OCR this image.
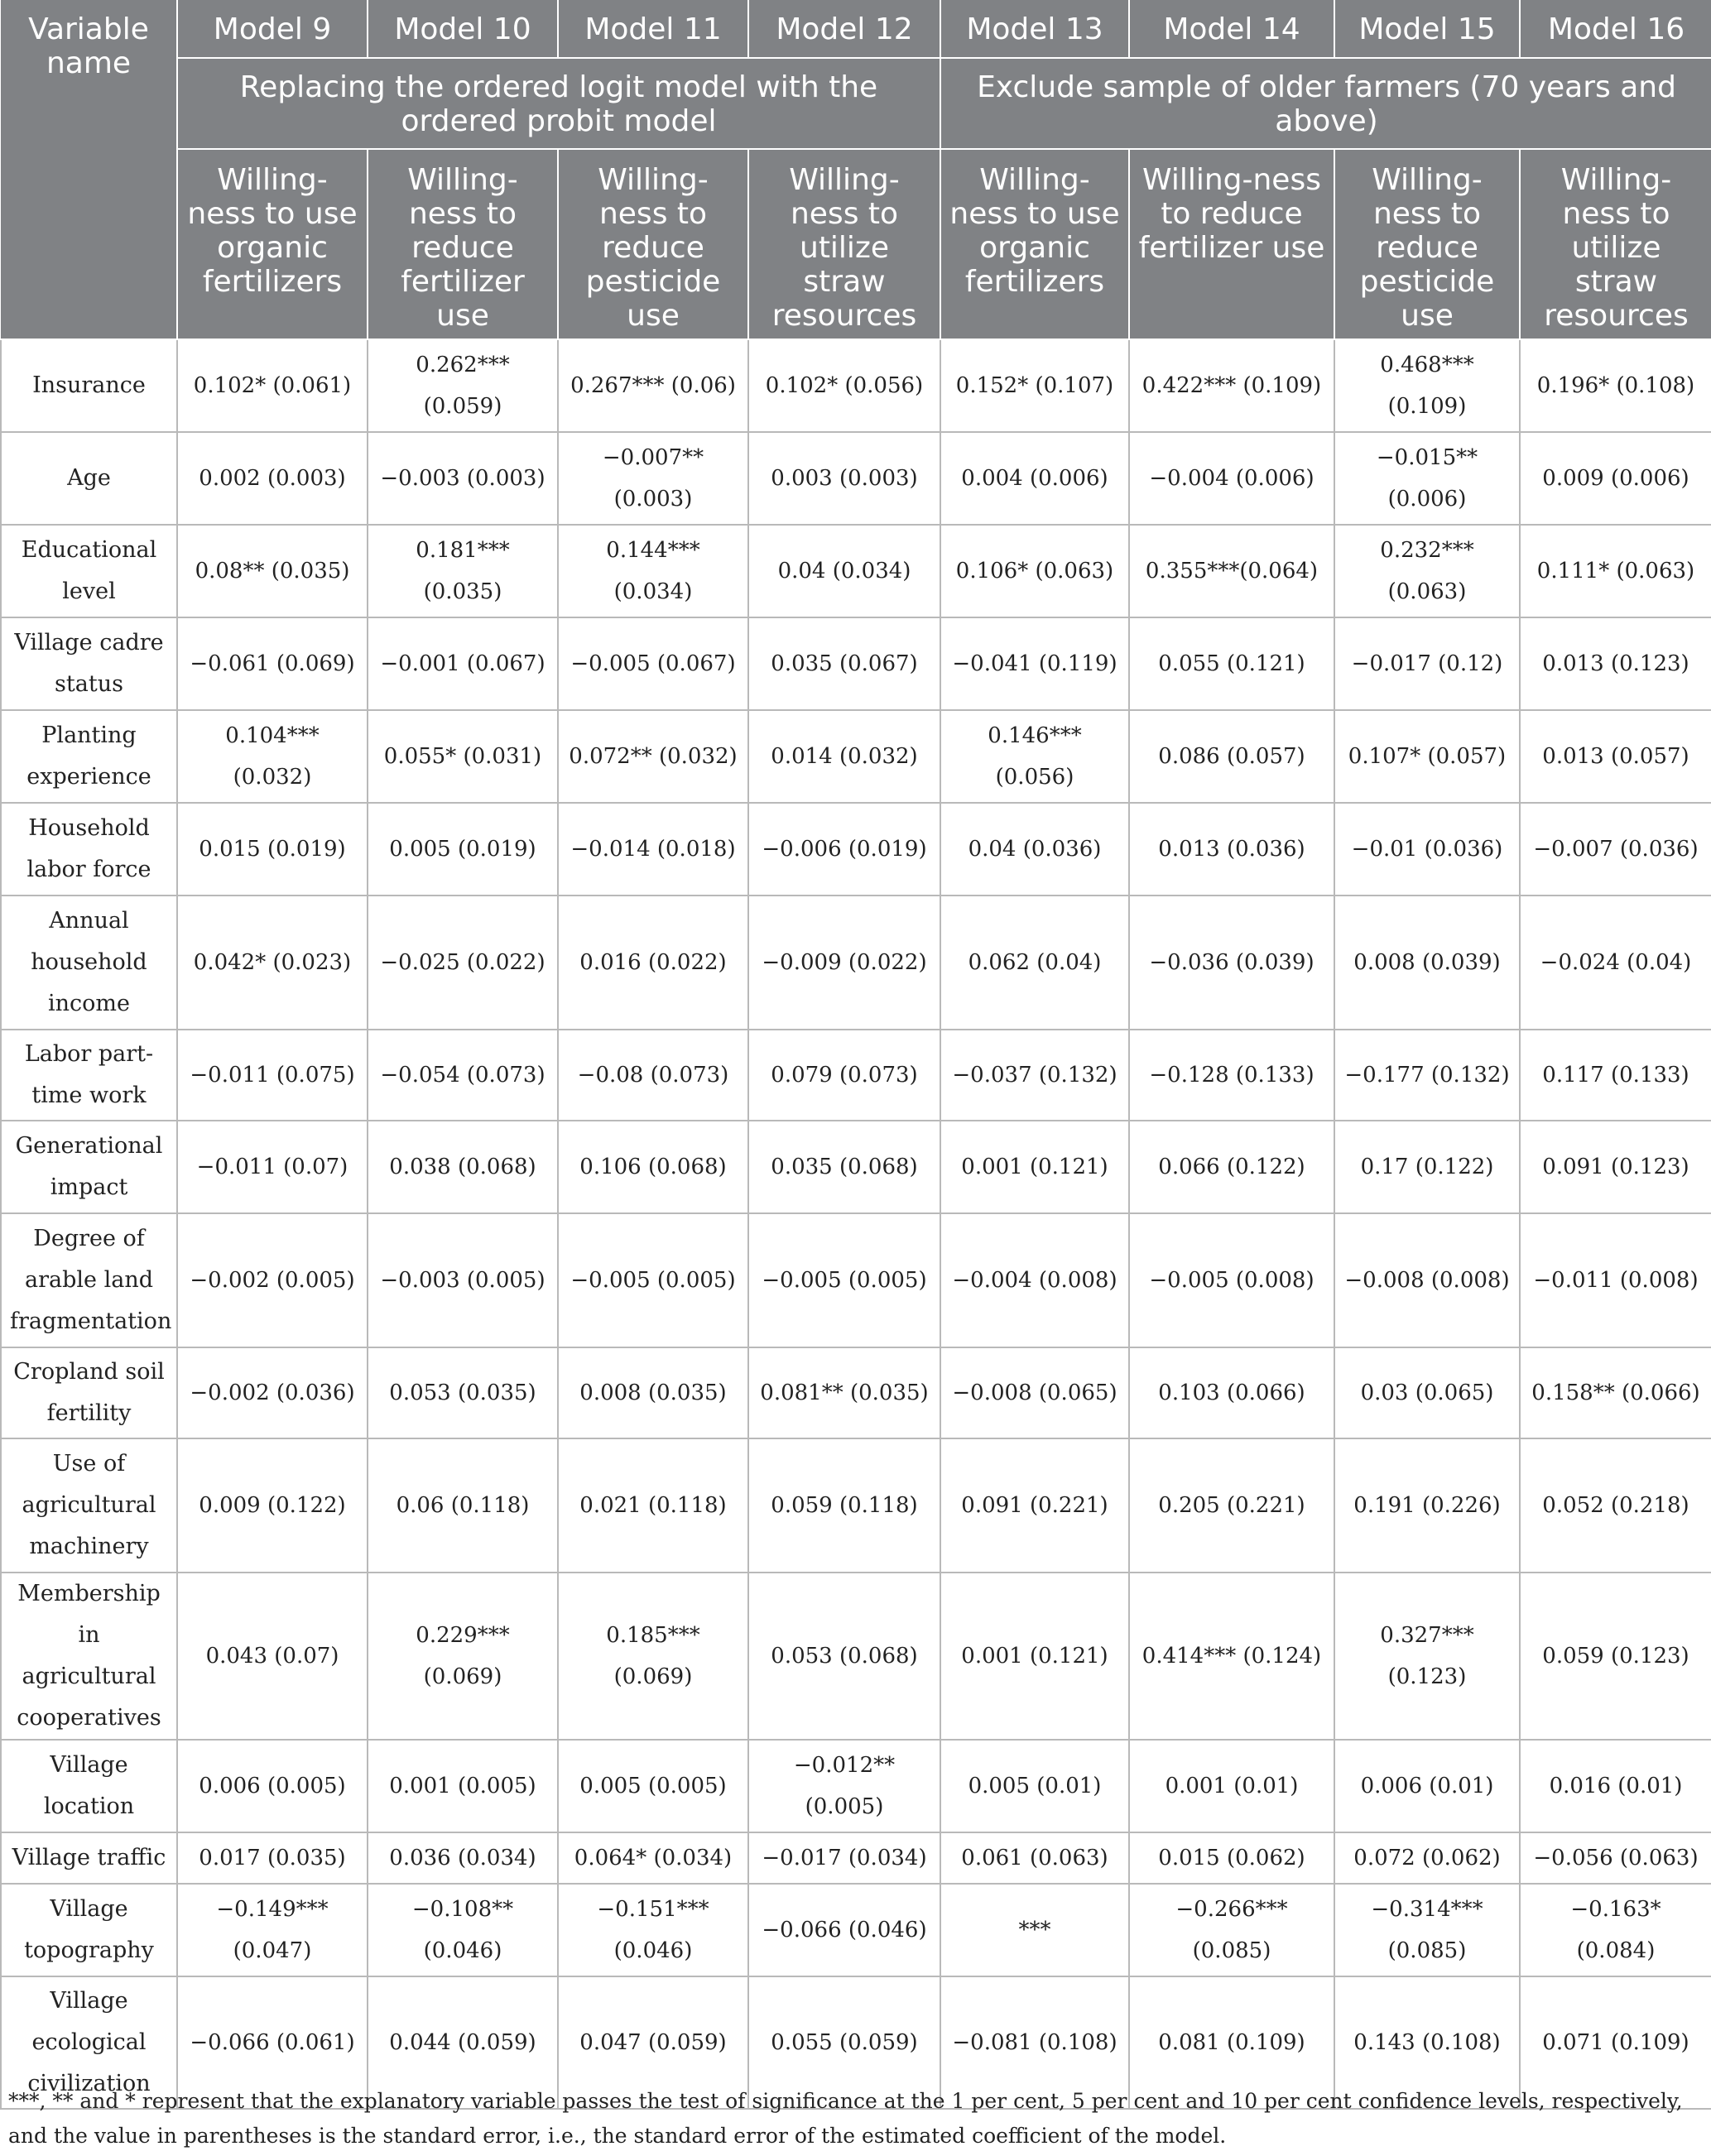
Variable name	Model 9	Model 10	Model 11	Model 12	Model 13	Model 14	Model 15	Model 16
	Replacing the ordered logit model with the ordered probit model				Exclude sample of older farmers (70 years and above)			
	Willing-ness to use organic fertilizers	Willing-ness to reduce fertilizer use	Willing-ness to reduce pesticide use	Willing-ness to utilize straw resources	Willing-ness to use organic fertilizers	Willing-ness to reduce fertilizer use	Willing-ness to reduce pesticide use	Willing-ness to utilize straw resources
Insurance	0.102* (0.061)	0.262*** (0.059)	0.267*** (0.06)	0.102* (0.056)	0.152* (0.107)	0.422*** (0.109)	0.468*** (0.109)	0.196* (0.108)
Age	0.002 (0.003)	−0.003 (0.003)	−0.007** (0.003)	0.003 (0.003)	0.004 (0.006)	−0.004 (0.006)	−0.015** (0.006)	0.009 (0.006)
Educational level	0.08** (0.035)	0.181*** (0.035)	0.144*** (0.034)	0.04 (0.034)	0.106* (0.063)	0.355***(0.064)	0.232*** (0.063)	0.111* (0.063)
Village cadre status	−0.061 (0.069)	−0.001 (0.067)	−0.005 (0.067)	0.035 (0.067)	−0.041 (0.119)	0.055 (0.121)	−0.017 (0.12)	0.013 (0.123)
Planting experience	0.104*** (0.032)	0.055* (0.031)	0.072** (0.032)	0.014 (0.032)	0.146*** (0.056)	0.086 (0.057)	0.107* (0.057)	0.013 (0.057)
Household labor force	0.015 (0.019)	0.005 (0.019)	−0.014 (0.018)	−0.006 (0.019)	0.04 (0.036)	0.013 (0.036)	−0.01 (0.036)	−0.007 (0.036)
Annual household income	0.042* (0.023)	−0.025 (0.022)	0.016 (0.022)	−0.009 (0.022)	0.062 (0.04)	−0.036 (0.039)	0.008 (0.039)	−0.024 (0.04)
Labor part-time work	−0.011 (0.075)	−0.054 (0.073)	−0.08 (0.073)	0.079 (0.073)	−0.037 (0.132)	−0.128 (0.133)	−0.177 (0.132)	0.117 (0.133)
Generational impact	−0.011 (0.07)	0.038 (0.068)	0.106 (0.068)	0.035 (0.068)	0.001 (0.121)	0.066 (0.122)	0.17 (0.122)	0.091 (0.123)
Degree of arable land fragmentation	−0.002 (0.005)	−0.003 (0.005)	−0.005 (0.005)	−0.005 (0.005)	−0.004 (0.008)	−0.005 (0.008)	−0.008 (0.008)	−0.011 (0.008)
Cropland soil fertility	−0.002 (0.036)	0.053 (0.035)	0.008 (0.035)	0.081** (0.035)	−0.008 (0.065)	0.103 (0.066)	0.03 (0.065)	0.158** (0.066)
Use of agricultural machinery	0.009 (0.122)	0.06 (0.118)	0.021 (0.118)	0.059 (0.118)	0.091 (0.221)	0.205 (0.221)	0.191 (0.226)	0.052 (0.218)
Membership in agricultural cooperatives	0.043 (0.07)	0.229*** (0.069)	0.185*** (0.069)	0.053 (0.068)	0.001 (0.121)	0.414*** (0.124)	0.327*** (0.123)	0.059 (0.123)
Village location	0.006 (0.005)	0.001 (0.005)	0.005 (0.005)	−0.012** (0.005)	0.005 (0.01)	0.001 (0.01)	0.006 (0.01)	0.016 (0.01)
Village traffic	0.017 (0.035)	0.036 (0.034)	0.064* (0.034)	−0.017 (0.034)	0.061 (0.063)	0.015 (0.062)	0.072 (0.062)	−0.056 (0.063)
Village topography	−0.149*** (0.047)	−0.108** (0.046)	−0.151*** (0.046)	−0.066 (0.046)	***	−0.266*** (0.085)	−0.314*** (0.085)	−0.163* (0.084)
Village ecological civilization	−0.066 (0.061)	0.044 (0.059)	0.047 (0.059)	0.055 (0.059)	−0.081 (0.108)	0.081 (0.109)	0.143 (0.108)	0.071 (0.109)
***, ** and * represent that the explanatory variable passes the test of significance at the 1 per cent, 5 per cent and 10 per cent confidence levels, respectively, and the value in parentheses is the standard error, i.e., the standard error of the estimated coefficient of the model.
